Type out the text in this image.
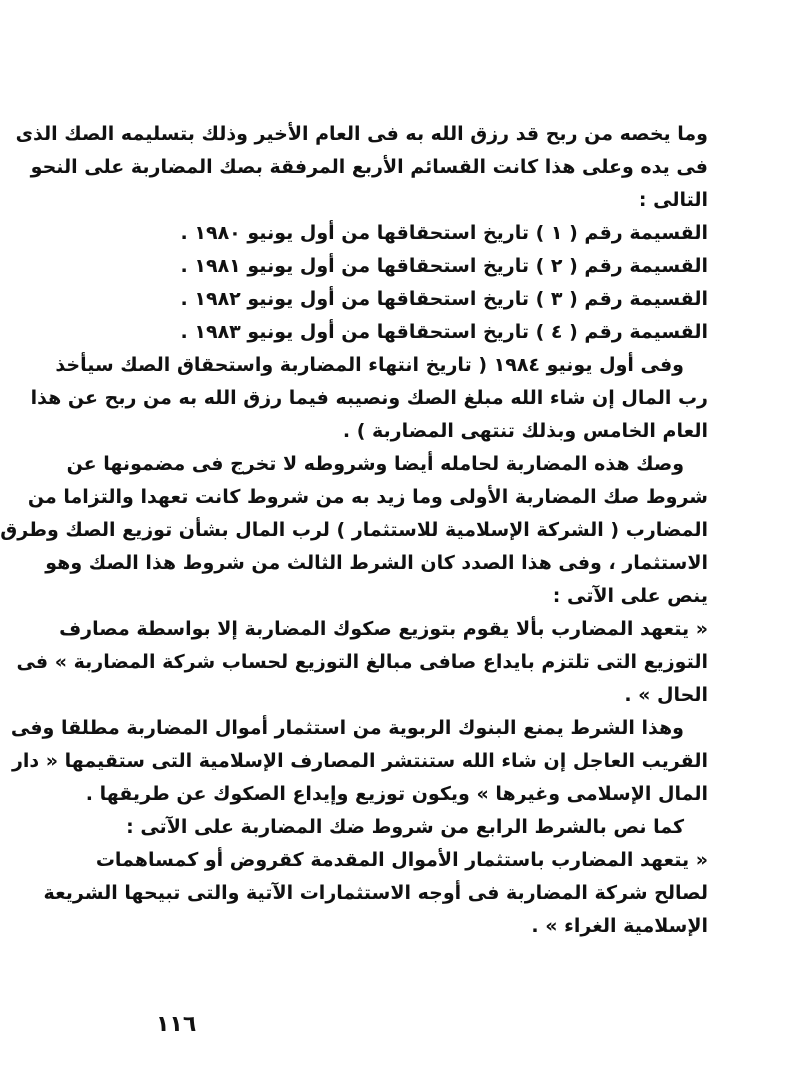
وما يخصه من ربح قد رزق الله به فى العام الأخير وذلك بتسليمه الصك الذى
فى يده وعلى هذا كانت القسائم الأربع المرفقة بصك المضاربة على النحو
التالى :
القسيمة رقم ( ١ ) تاريخ استحقاقها من أول يونيو ١٩٨٠ .
القسيمة رقم ( ٢ ) تاريخ استحقاقها من أول يونيو ١٩٨١ .
القسيمة رقم ( ٣ ) تاريخ استحقاقها من أول يونيو ١٩٨٢ .
القسيمة رقم ( ٤ ) تاريخ استحقاقها من أول يونيو ١٩٨٣ .
وفى أول يونيو ١٩٨٤ ( تاريخ انتهاء المضاربة واستحقاق الصك سيأخذ
رب المال إن شاء الله مبلغ الصك ونصيبه فيما رزق الله به من ربح عن هذا
العام الخامس وبذلك تنتهى المضاربة ) .
وصك هذه المضاربة لحامله أيضا وشروطه لا تخرج فى مضمونها عن
شروط صك المضاربة الأولى وما زيد به من شروط كانت تعهدا والتزاما من
المضارب ( الشركة الإسلامية للاستثمار ) لرب المال بشأن توزيع الصك وطرق
الاستثمار ، وفى هذا الصدد كان الشرط الثالث من شروط هذا الصك وهو
ينص على الآتى :
« يتعهد المضارب بألا يقوم بتوزيع صكوك المضاربة إلا بواسطة مصارف
التوزيع التى تلتزم بايداع صافى مبالغ التوزيع لحساب شركة المضاربة » فى
الحال » .
وهذا الشرط يمنع البنوك الربوية من استثمار أموال المضاربة مطلقا وفى
القريب العاجل إن شاء الله ستنتشر المصارف الإسلامية التى ستقيمها « دار
المال الإسلامى وغيرها » ويكون توزيع وإيداع الصكوك عن طريقها .
كما نص بالشرط الرابع من شروط ضك المضاربة على الآتى :
« يتعهد المضارب باستثمار الأموال المقدمة كقروض أو كمساهمات
لصالح شركة المضاربة فى أوجه الاستثمارات الآتية والتى تبيحها الشريعة
الإسلامية الغراء » .
١١٦
